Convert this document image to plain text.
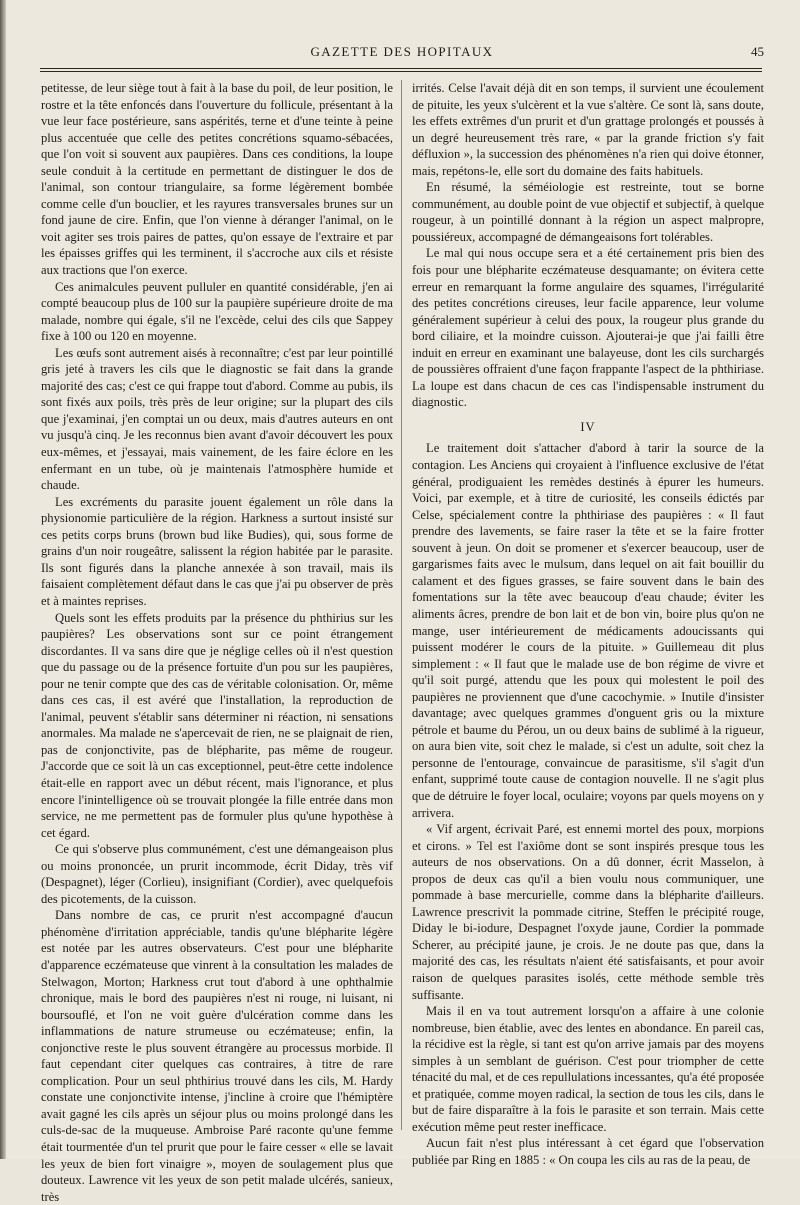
GAZETTE DES HOPITAUX	45

petitesse, de leur siège tout à fait à la base du poil, de leur position, le rostre et la tête enfoncés dans l'ouverture du follicule, présentant à la vue leur face postérieure, sans aspérités, terne et d'une teinte à peine plus accentuée que celle des petites concrétions squamo-sébacées, que l'on voit si souvent aux paupières. Dans ces conditions, la loupe seule conduit à la certitude en permettant de distinguer le dos de l'animal, son contour triangulaire, sa forme légèrement bombée comme celle d'un bouclier, et les rayures transversales brunes sur un fond jaune de cire. Enfin, que l'on vienne à déranger l'animal, on le voit agiter ses trois paires de pattes, qu'on essaye de l'extraire et par les épaisses griffes qui les terminent, il s'accroche aux cils et résiste aux tractions que l'on exerce.

Ces animalcules peuvent pulluler en quantité considérable, j'en ai compté beaucoup plus de 100 sur la paupière supérieure droite de ma malade, nombre qui égale, s'il ne l'excède, celui des cils que Sappey fixe à 100 ou 120 en moyenne.

Les œufs sont autrement aisés à reconnaître; c'est par leur pointillé gris jeté à travers les cils que le diagnostic se fait dans la grande majorité des cas; c'est ce qui frappe tout d'abord. Comme au pubis, ils sont fixés aux poils, très près de leur origine; sur la plupart des cils que j'examinai, j'en comptai un ou deux, mais d'autres auteurs en ont vu jusqu'à cinq. Je les reconnus bien avant d'avoir découvert les poux eux-mêmes, et j'essayai, mais vainement, de les faire éclore en les enfermant en un tube, où je maintenais l'atmosphère humide et chaude.

Les excréments du parasite jouent également un rôle dans la physionomie particulière de la région. Harkness a surtout insisté sur ces petits corps bruns (brown bud like Budies), qui, sous forme de grains d'un noir rougeâtre, salissent la région habitée par le parasite. Ils sont figurés dans la planche annexée à son travail, mais ils faisaient complètement défaut dans le cas que j'ai pu observer de près et à maintes reprises.

Quels sont les effets produits par la présence du phthirius sur les paupières? Les observations sont sur ce point étrangement discordantes. Il va sans dire que je néglige celles où il n'est question que du passage ou de la présence fortuite d'un pou sur les paupières, pour ne tenir compte que des cas de véritable colonisation. Or, même dans ces cas, il est avéré que l'installation, la reproduction de l'animal, peuvent s'établir sans déterminer ni réaction, ni sensations anormales. Ma malade ne s'apercevait de rien, ne se plaignait de rien, pas de conjonctivite, pas de blépharite, pas même de rougeur. J'accorde que ce soit là un cas exceptionnel, peut-être cette indolence était-elle en rapport avec un début récent, mais l'ignorance, et plus encore l'inintelligence où se trouvait plongée la fille entrée dans mon service, ne me permettent pas de formuler plus qu'une hypothèse à cet égard.

Ce qui s'observe plus communément, c'est une démangeaison plus ou moins prononcée, un prurit incommode, écrit Diday, très vif (Despagnet), léger (Corlieu), insignifiant (Cordier), avec quelquefois des picotements, de la cuisson.

Dans nombre de cas, ce prurit n'est accompagné d'aucun phénomène d'irritation appréciable, tandis qu'une blépharite légère est notée par les autres observateurs. C'est pour une blépharite d'apparence eczémateuse que vinrent à la consultation les malades de Stelwagon, Morton; Harkness crut tout d'abord à une ophthalmie chronique, mais le bord des paupières n'est ni rouge, ni luisant, ni boursouflé, et l'on ne voit guère d'ulcération comme dans les inflammations de nature strumeuse ou eczémateuse; enfin, la conjonctive reste le plus souvent étrangère au processus morbide. Il faut cependant citer quelques cas contraires, à titre de rare complication. Pour un seul phthirius trouvé dans les cils, M. Hardy constate une conjonctivite intense, j'incline à croire que l'hémiptère avait gagné les cils après un séjour plus ou moins prolongé dans les culs-de-sac de la muqueuse. Ambroise Paré raconte qu'une femme était tourmentée d'un tel prurit que pour le faire cesser « elle se lavait les yeux de bien fort vinaigre », moyen de soulagement plus que douteux. Lawrence vit les yeux de son petit malade ulcérés, sanieux, très

irrités. Celse l'avait déjà dit en son temps, il survient une écoulement de pituite, les yeux s'ulcèrent et la vue s'altère. Ce sont là, sans doute, les effets extrêmes d'un prurit et d'un grattage prolongés et poussés à un degré heureusement très rare, « par la grande friction s'y fait défluxion », la succession des phénomènes n'a rien qui doive étonner, mais, repétons-le, elle sort du domaine des faits habituels.

En résumé, la séméiologie est restreinte, tout se borne communément, au double point de vue objectif et subjectif, à quelque rougeur, à un pointillé donnant à la région un aspect malpropre, poussiéreux, accompagné de démangeaisons fort tolérables.

Le mal qui nous occupe sera et a été certainement pris bien des fois pour une blépharite eczémateuse desquamante; on évitera cette erreur en remarquant la forme angulaire des squames, l'irrégularité des petites concrétions cireuses, leur facile apparence, leur volume généralement supérieur à celui des poux, la rougeur plus grande du bord ciliaire, et la moindre cuisson. Ajouterai-je que j'ai failli être induit en erreur en examinant une balayeuse, dont les cils surchargés de poussières offraient d'une façon frappante l'aspect de la phthiriase. La loupe est dans chacun de ces cas l'indispensable instrument du diagnostic.

IV

Le traitement doit s'attacher d'abord à tarir la source de la contagion. Les Anciens qui croyaient à l'influence exclusive de l'état général, prodiguaient les remèdes destinés à épurer les humeurs. Voici, par exemple, et à titre de curiosité, les conseils édictés par Celse, spécialement contre la phthiriase des paupières : « Il faut prendre des lavements, se faire raser la tête et se la faire frotter souvent à jeun. On doit se promener et s'exercer beaucoup, user de gargarismes faits avec le mulsum, dans lequel on ait fait bouillir du calament et des figues grasses, se faire souvent dans le bain des fomentations sur la tête avec beaucoup d'eau chaude; éviter les aliments âcres, prendre de bon lait et de bon vin, boire plus qu'on ne mange, user intérieurement de médicaments adoucissants qui puissent modérer le cours de la pituite. » Guillemeau dit plus simplement : « Il faut que le malade use de bon régime de vivre et qu'il soit purgé, attendu que les poux qui molestent le poil des paupières ne proviennent que d'une cacochymie. » Inutile d'insister davantage; avec quelques grammes d'onguent gris ou la mixture pétrole et baume du Pérou, un ou deux bains de sublimé à la rigueur, on aura bien vite, soit chez le malade, si c'est un adulte, soit chez la personne de l'entourage, convaincue de parasitisme, s'il s'agit d'un enfant, supprimé toute cause de contagion nouvelle. Il ne s'agit plus que de détruire le foyer local, oculaire; voyons par quels moyens on y arrivera.

« Vif argent, écrivait Paré, est ennemi mortel des poux, morpions et cirons. » Tel est l'axiôme dont se sont inspirés presque tous les auteurs de nos observations. On a dû donner, écrit Masselon, à propos de deux cas qu'il a bien voulu nous communiquer, une pommade à base mercurielle, comme dans la blépharite d'ailleurs. Lawrence prescrivit la pommade citrine, Steffen le précipité rouge, Diday le bi-iodure, Despagnet l'oxyde jaune, Cordier la pommade Scherer, au précipité jaune, je crois. Je ne doute pas que, dans la majorité des cas, les résultats n'aient été satisfaisants, et pour avoir raison de quelques parasites isolés, cette méthode semble très suffisante.

Mais il en va tout autrement lorsqu'on a affaire à une colonie nombreuse, bien établie, avec des lentes en abondance. En pareil cas, la récidive est la règle, si tant est qu'on arrive jamais par des moyens simples à un semblant de guérison. C'est pour triompher de cette ténacité du mal, et de ces repullulations incessantes, qu'a été proposée et pratiquée, comme moyen radical, la section de tous les cils, dans le but de faire disparaître à la fois le parasite et son terrain. Mais cette exécution même peut rester inefficace.

Aucun fait n'est plus intéressant à cet égard que l'observation publiée par Ring en 1885 : « On coupa les cils au ras de la peau, de
